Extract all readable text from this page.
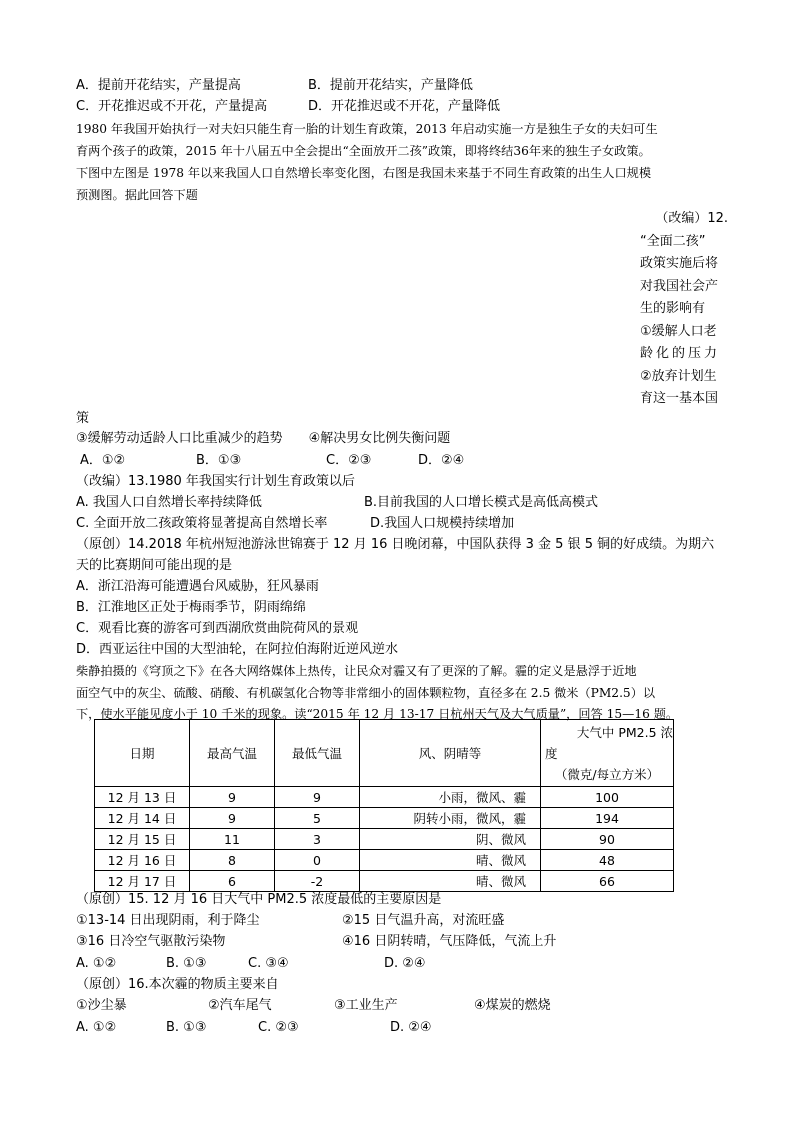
A．提前开花结实，产量提高	B．提前开花结实，产量降低
C．开花推迟或不开花，产量提高	D．开花推迟或不开花，产量降低
1980 年我国开始执行一对夫妇只能生育一胎的计划生育政策，2013 年启动实施一方是独生子女的夫妇可生
育两个孩子的政策，2015 年十八届五中全会提出“全面放开二孩”政策，即将终结36年来的独生子女政策。
下图中左图是 1978 年以来我国人口自然增长率变化图，右图是我国未来基于不同生育政策的出生人口规模
预测图。据此回答下题
（改编）12.
“全面二孩”
政策实施后将
对我国社会产
生的影响有
①缓解人口老
龄化的压力
②放弃计划生
育这一基本国
策
③缓解劳动适龄人口比重减少的趋势　　④解决男女比例失衡问题
A．①②	B．①③	C．②③	D．②④
（改编）13.1980 年我国实行计划生育政策以后
A. 我国人口自然增长率持续降低	B.目前我国的人口增长模式是高低高模式
C. 全面开放二孩政策将显著提高自然增长率	D.我国人口规模持续增加
（原创）14.2018 年杭州短池游泳世锦赛于 12 月 16 日晚闭幕，中国队获得 3 金 5 银 5 铜的好成绩。为期六
天的比赛期间可能出现的是
A．浙江沿海可能遭遇台风威胁，狂风暴雨
B．江淮地区正处于梅雨季节，阴雨绵绵
C．观看比赛的游客可到西湖欣赏曲院荷风的景观
D．西亚运往中国的大型油轮，在阿拉伯海附近逆风逆水
柴静拍摄的《穹顶之下》在各大网络媒体上热传，让民众对霾又有了更深的了解。霾的定义是悬浮于近地
面空气中的灰尘、硫酸、硝酸、有机碳氢化合物等非常细小的固体颗粒物，直径多在 2.5 微米（PM2.5）以
下，使水平能见度小于 10 千米的现象。读“2015 年 12 月 13-17 日杭州天气及大气质量”，回答 15—16 题。
日期	最高气温	最低气温	风、阴晴等	大气中 PM2.5 浓
度
（微克/每立方米）

12 月 13 日	9	9	小雨，微风、霾	100
12 月 14 日	9	5	阴转小雨，微风，霾	194
12 月 15 日	11	3	阴、微风	90
12 月 16 日	8	0	晴、微风	48
12 月 17 日	6	-2	晴、微风	66
（原创）15. 12 月 16 日大气中 PM2.5 浓度最低的主要原因是
①13-14 日出现阴雨，利于降尘	②15 日气温升高，对流旺盛
③16 日冷空气驱散污染物	④16 日阴转晴，气压降低，气流上升
A. ①②	B. ①③	C. ③④	D. ②④
（原创）16.本次霾的物质主要来自
①沙尘暴	②汽车尾气	③工业生产	④煤炭的燃烧
A. ①②	B. ①③	C. ②③	D. ②④
